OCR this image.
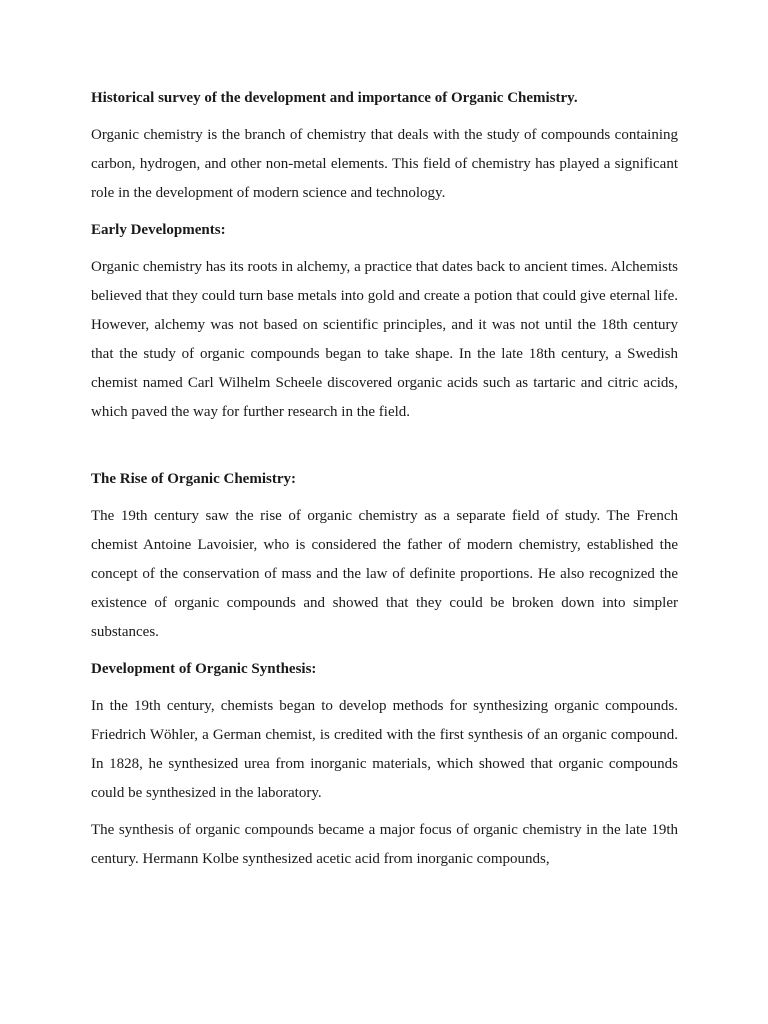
Historical survey of the development and importance of Organic Chemistry.

Organic chemistry is the branch of chemistry that deals with the study of compounds containing carbon, hydrogen, and other non-metal elements. This field of chemistry has played a significant role in the development of modern science and technology.

Early Developments:

Organic chemistry has its roots in alchemy, a practice that dates back to ancient times. Alchemists believed that they could turn base metals into gold and create a potion that could give eternal life. However, alchemy was not based on scientific principles, and it was not until the 18th century that the study of organic compounds began to take shape. In the late 18th century, a Swedish chemist named Carl Wilhelm Scheele discovered organic acids such as tartaric and citric acids, which paved the way for further research in the field.

The Rise of Organic Chemistry:

The 19th century saw the rise of organic chemistry as a separate field of study. The French chemist Antoine Lavoisier, who is considered the father of modern chemistry, established the concept of the conservation of mass and the law of definite proportions. He also recognized the existence of organic compounds and showed that they could be broken down into simpler substances.

Development of Organic Synthesis:

In the 19th century, chemists began to develop methods for synthesizing organic compounds. Friedrich Wöhler, a German chemist, is credited with the first synthesis of an organic compound. In 1828, he synthesized urea from inorganic materials, which showed that organic compounds could be synthesized in the laboratory.

The synthesis of organic compounds became a major focus of organic chemistry in the late 19th century. Hermann Kolbe synthesized acetic acid from inorganic compounds,
